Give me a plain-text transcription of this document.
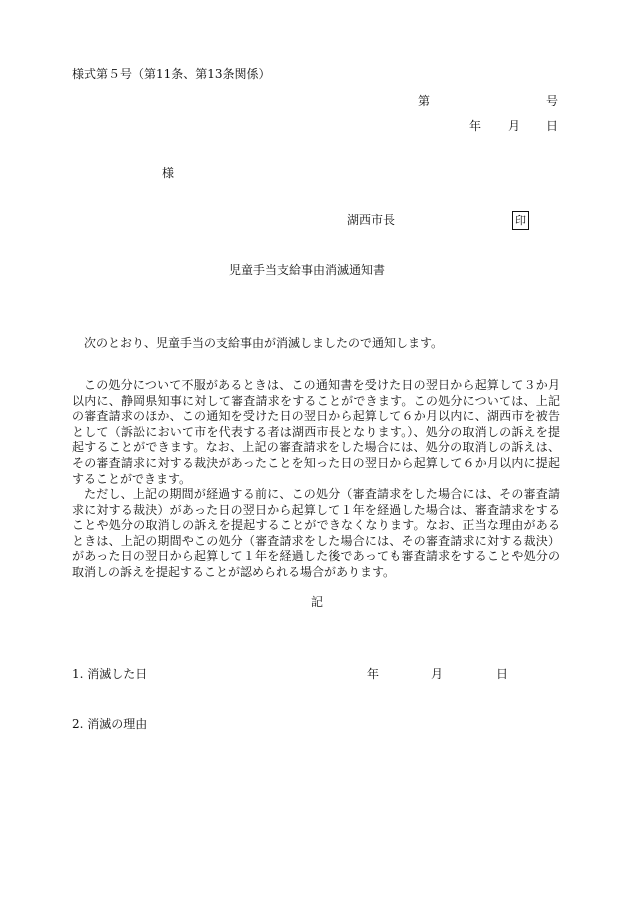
様式第５号（第11条、第13条関係）
第	号
年 月 日
様
湖西市長	印
児童手当支給事由消滅通知書
次のとおり、児童手当の支給事由が消滅しましたので通知します。
この処分について不服があるときは、この通知書を受けた日の翌日から起算して３か月以内に、静岡県知事に対して審査請求をすることができます。この処分については、上記の審査請求のほか、この通知を受けた日の翌日から起算して６か月以内に、湖西市を被告として（訴訟において市を代表する者は湖西市長となります。）、処分の取消しの訴えを提起することができます。なお、上記の審査請求をした場合には、処分の取消しの訴えは、その審査請求に対する裁決があったことを知った日の翌日から起算して６か月以内に提起することができます。
ただし、上記の期間が経過する前に、この処分（審査請求をした場合には、その審査請求に対する裁決）があった日の翌日から起算して１年を経過した場合は、審査請求をすることや処分の取消しの訴えを提起することができなくなります。なお、正当な理由があるときは、上記の期間やこの処分（審査請求をした場合には、その審査請求に対する裁決）があった日の翌日から起算して１年を経過した後であっても審査請求をすることや処分の取消しの訴えを提起することが認められる場合があります。
記
1. 消滅した日	年	月	日
2. 消滅の理由
